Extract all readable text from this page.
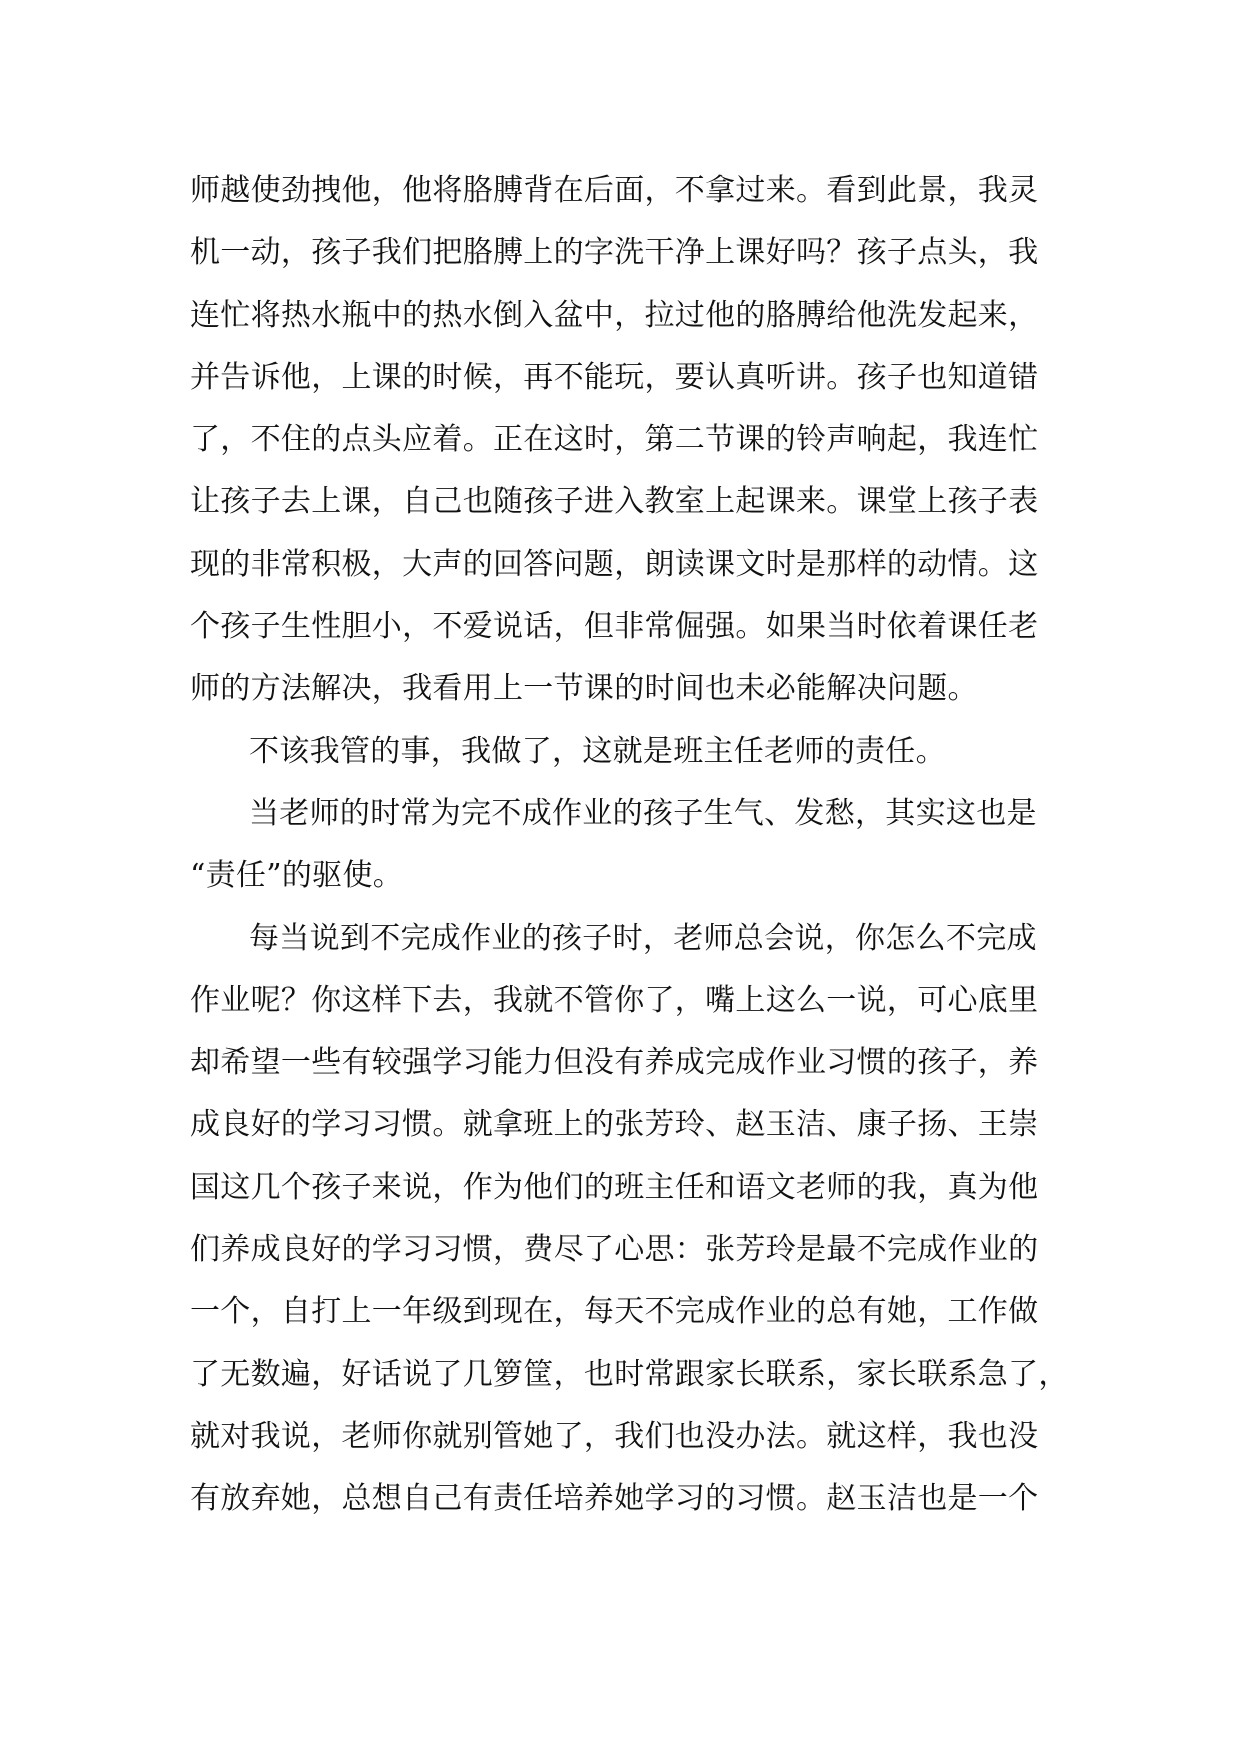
师越使劲拽他，他将胳膊背在后面，不拿过来。看到此景，我灵
机一动，孩子我们把胳膊上的字洗干净上课好吗？孩子点头，我
连忙将热水瓶中的热水倒入盆中，拉过他的胳膊给他洗发起来，
并告诉他，上课的时候，再不能玩，要认真听讲。孩子也知道错
了，不住的点头应着。正在这时，第二节课的铃声响起，我连忙
让孩子去上课，自己也随孩子进入教室上起课来。课堂上孩子表
现的非常积极，大声的回答问题，朗读课文时是那样的动情。这
个孩子生性胆小，不爱说话，但非常倔强。如果当时依着课任老
师的方法解决，我看用上一节课的时间也未必能解决问题。
不该我管的事，我做了，这就是班主任老师的责任。
当老师的时常为完不成作业的孩子生气、发愁，其实这也是
“责任”的驱使。
每当说到不完成作业的孩子时，老师总会说，你怎么不完成
作业呢？你这样下去，我就不管你了，嘴上这么一说，可心底里
却希望一些有较强学习能力但没有养成完成作业习惯的孩子，养
成良好的学习习惯。就拿班上的张芳玲、赵玉洁、康子扬、王崇
国这几个孩子来说，作为他们的班主任和语文老师的我，真为他
们养成良好的学习习惯，费尽了心思：张芳玲是最不完成作业的
一个，自打上一年级到现在，每天不完成作业的总有她，工作做
了无数遍，好话说了几箩筐，也时常跟家长联系，家长联系急了，
就对我说，老师你就别管她了，我们也没办法。就这样，我也没
有放弃她，总想自己有责任培养她学习的习惯。赵玉洁也是一个
